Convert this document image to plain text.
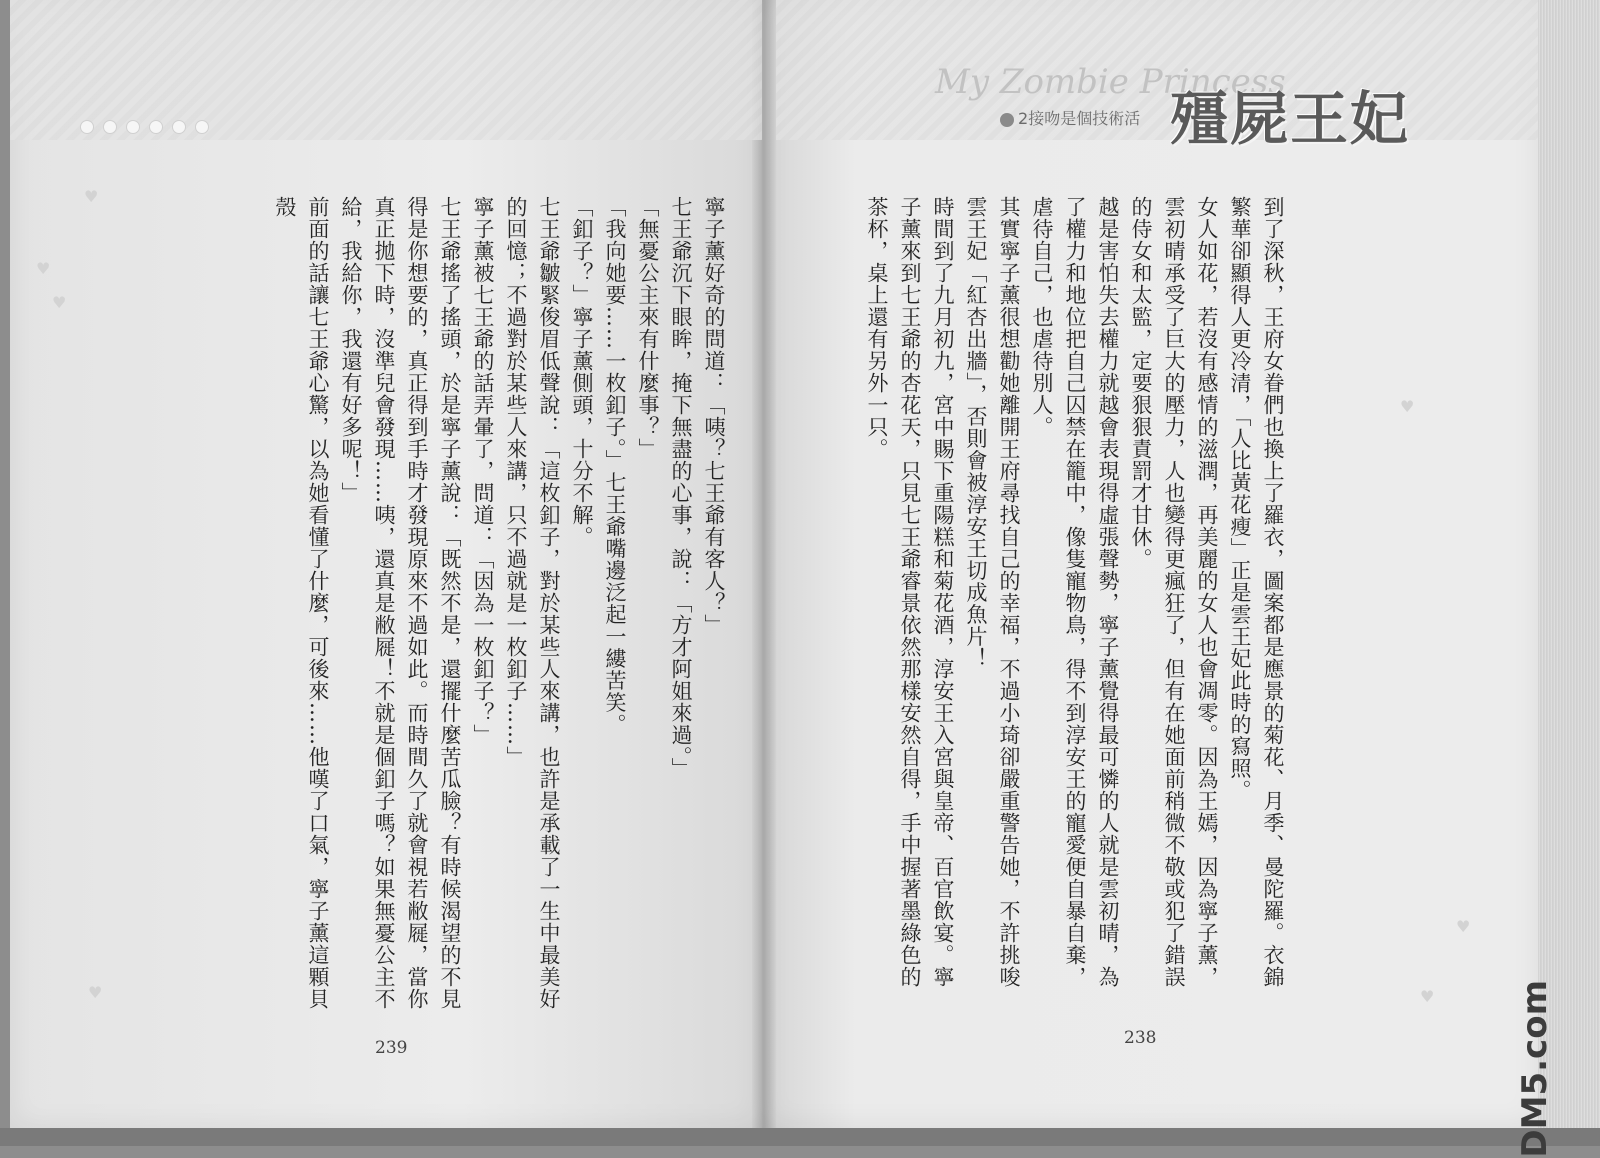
My Zombie Princess
2接吻是個技術活 殭屍王妃
♥
♥
♥
♥
♥
♥
♥

寧子薰好奇的問道：「咦？七王爺有客人？」

七王爺沉下眼眸，掩下無盡的心事，說：「方才阿姐來過。」

「無憂公主來有什麼事？」

「我向她要……一枚釦子。」七王爺嘴邊泛起一縷苦笑。

「釦子？」寧子薰側頭，十分不解。

七王爺皺緊俊眉低聲說：「這枚釦子，對於某些人來講，也許是承載了一生中最美好的回憶；不過對於某些人來講，只不過就是一枚釦子……」

寧子薰被七王爺的話弄暈了，問道：「因為一枚釦子？」

七王爺搖了搖頭，於是寧子薰說：「既然不是，還擺什麼苦瓜臉？有時候渴望的不見得是你想要的，真正得到手時才發現原來不過如此。而時間久了就會視若敝屣，當你真正拋下時，沒準兒會發現……咦，還真是敝屣！不就是個釦子嗎？如果無憂公主不給，我給你，我還有好多呢！」

前面的話讓七王爺心驚，以為她看懂了什麼，可後來……他嘆了口氣，寧子薰這顆貝殼	到了深秋，王府女眷們也換上了羅衣，圖案都是應景的菊花、月季、曼陀羅。衣錦繁華卻顯得人更冷清，「人比黃花瘦」正是雲王妃此時的寫照。

女人如花，若沒有感情的滋潤，再美麗的女人也會凋零。因為王嫣，因為寧子薰，雲初晴承受了巨大的壓力，人也變得更瘋狂了，但有在她面前稍微不敬或犯了錯誤的侍女和太監，定要狠狠責罰才甘休。

越是害怕失去權力就越會表現得虛張聲勢，寧子薰覺得最可憐的人就是雲初晴，為了權力和地位把自己囚禁在籠中，像隻寵物鳥，得不到淳安王的寵愛便自暴自棄，虐待自己，也虐待別人。

其實寧子薰很想勸她離開王府尋找自己的幸福，不過小琦卻嚴重警告她，不許挑唆雲王妃「紅杏出牆」，否則會被淳安王切成魚片！

時間到了九月初九，宮中賜下重陽糕和菊花酒，淳安王入宮與皇帝、百官飲宴。寧子薰來到七王爺的杏花天，只見七王爺睿景依然那樣安然自得，手中握著墨綠色的茶杯，桌上還有另外一只。

239	238	DM5.com
